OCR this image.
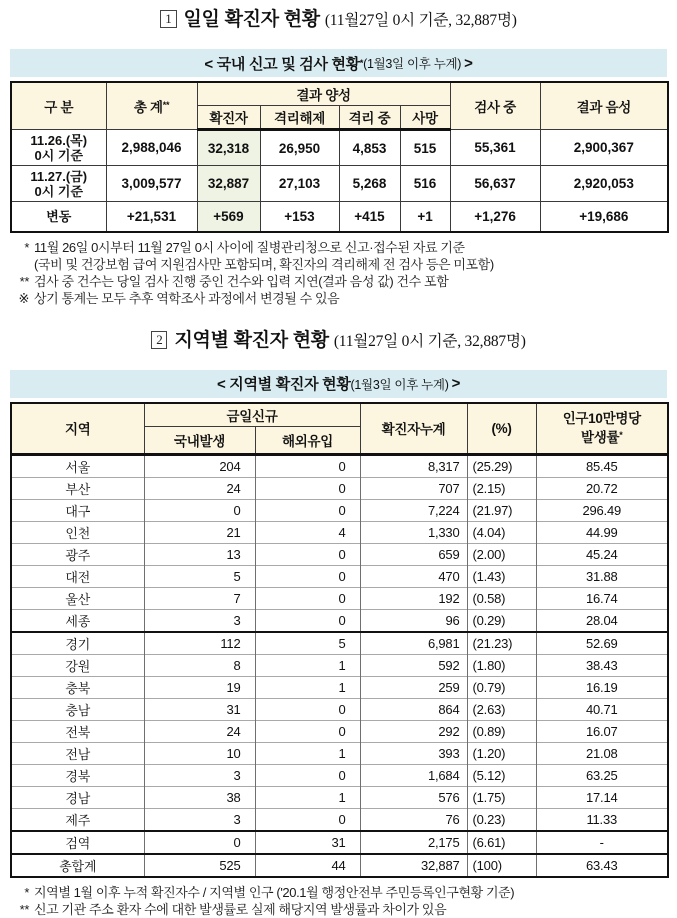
1 일일 확진자 현황 (11월27일 0시 기준, 32,887명)
< 국내 신고 및 검사 현황 * (1월3일 이후 누계) >
구 분	총 계**	결과 양성				검사 중	결과 음성
		확진자	격리해제	격리 중	사망		
11.26.(목)
0시 기준	2,988,046	32,318	26,950	4,853	515	55,361	2,900,367
11.27.(금)
0시 기준	3,009,577	32,887	27,103	5,268	516	56,637	2,920,053
변동	+21,531	+569	+153	+415	+1	+1,276	+19,686
* 11월 26일 0시부터 11월 27일 0시 사이에 질병관리청으로 신고·접수된 자료 기준
(국비 및 건강보험 급여 지원검사만 포함되며, 확진자의 격리해제 전 검사 등은 미포함)
** 검사 중 건수는 당일 검사 진행 중인 건수와 입력 지연(결과 음성 값) 건수 포함
※ 상기 통계는 모두 추후 역학조사 과정에서 변경될 수 있음
2 지역별 확진자 현황 (11월27일 0시 기준, 32,887명)
< 지역별 확진자 현황 (1월3일 이후 누계) >
지역	금일신규		확진자누계	(%)	인구10만명당
발생률*

	국내발생	해외유입			
서울	204	0	8,317	(25.29)	85.45
부산	24	0	707	(2.15)	20.72
대구	0	0	7,224	(21.97)	296.49
인천	21	4	1,330	(4.04)	44.99
광주	13	0	659	(2.00)	45.24
대전	5	0	470	(1.43)	31.88
울산	7	0	192	(0.58)	16.74
세종	3	0	96	(0.29)	28.04
경기	112	5	6,981	(21.23)	52.69
강원	8	1	592	(1.80)	38.43
충북	19	1	259	(0.79)	16.19
충남	31	0	864	(2.63)	40.71
전북	24	0	292	(0.89)	16.07
전남	10	1	393	(1.20)	21.08
경북	3	0	1,684	(5.12)	63.25
경남	38	1	576	(1.75)	17.14
제주	3	0	76	(0.23)	11.33
검역	0	31	2,175	(6.61)	-
총합계	525	44	32,887	(100)	63.43
* 지역별 1월 이후 누적 확진자수 / 지역별 인구 ('20.1월 행정안전부 주민등록인구현황 기준)
** 신고 기관 주소 환자 수에 대한 발생률로 실제 해당지역 발생률과 차이가 있음
